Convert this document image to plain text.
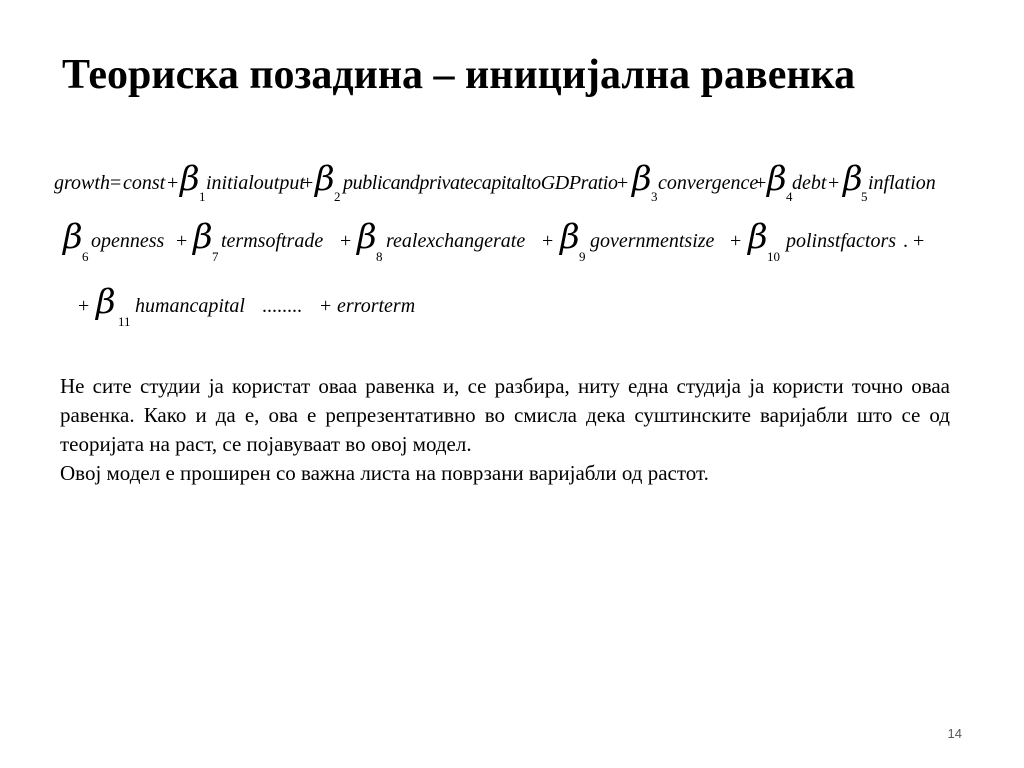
Теориска позадина – иницијална равенка
growth = const + β 1
initialoutput
+ β 2
publicandprivatecapitaltoGDPratio + β 3
convergence
+ β 4
debt + β
5
inflation
β 6
openness + β 7
termsoftrade + β 8
realexchangerate + β 9
governmentsize + β 10
polinstfactors . +
+ β 11
humancapital ........ + errorterm

Не сите студии ја користат оваа равенка и, се разбира, ниту една студија ја користи точно оваа равенка. Како и да е, ова е репрезентативно во смисла дека суштинските варијабли што се од теоријата на раст, се појавуваат во овој модел.

Овој модел е проширен со важна листа на поврзани варијабли од растот.

14
